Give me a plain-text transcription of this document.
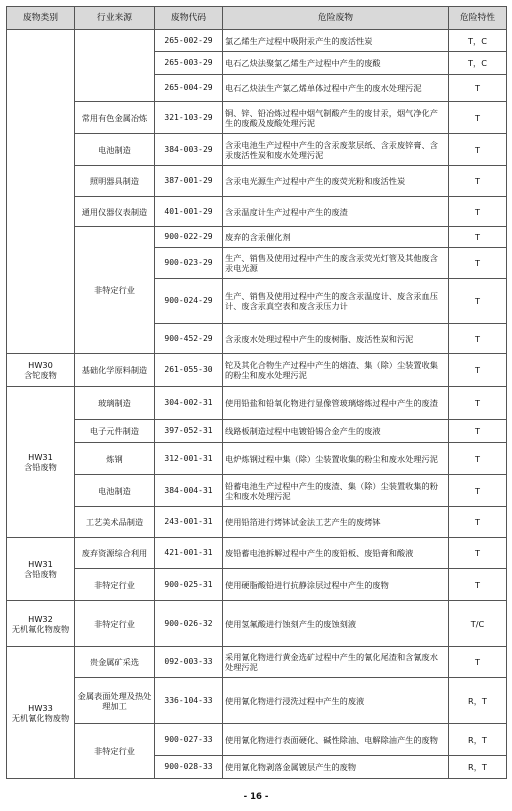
废物类别	行业来源	废物代码	危险废物	危险特性
		265-002-29	氯乙烯生产过程中吸附汞产生的废活性炭	T，C
		265-003-29	电石乙炔法聚氯乙烯生产过程中产生的废酸	T，C
		265-004-29	电石乙炔法生产氯乙烯单体过程中产生的废水处理污泥	T
	常用有色金属冶炼	321-103-29	铜、锌、铅冶炼过程中烟气制酸产生的废甘汞，烟气净化产生的废酸及废酸处理污泥	T
	电池制造	384-003-29	含汞电池生产过程中产生的含汞废浆层纸、含汞废锌膏、含汞废活性炭和废水处理污泥	T
	照明器具制造	387-001-29	含汞电光源生产过程中产生的废荧光粉和废活性炭	T
	通用仪器仪表制造	401-001-29	含汞温度计生产过程中产生的废渣	T
	非特定行业	900-022-29	废弃的含汞催化剂	T
		900-023-29	生产、销售及使用过程中产生的废含汞荧光灯管及其他废含汞电光源	T
		900-024-29	生产、销售及使用过程中产生的废含汞温度计、废含汞血压计、废含汞真空表和废含汞压力计	T
		900-452-29	含汞废水处理过程中产生的废树脂、废活性炭和污泥	T
HW30
含铊废物	基础化学原料制造	261-055-30	铊及其化合物生产过程中产生的熔渣、集（除）尘装置收集的粉尘和废水处理污泥	T
HW31
含铅废物	玻璃制造	304-002-31	使用铅盐和铅氧化物进行显像管玻璃熔炼过程中产生的废渣	T
	电子元件制造	397-052-31	线路板制造过程中电镀铅锡合金产生的废液	T
	炼钢	312-001-31	电炉炼钢过程中集（除）尘装置收集的粉尘和废水处理污泥	T
	电池制造	384-004-31	铅蓄电池生产过程中产生的废渣、集（除）尘装置收集的粉尘和废水处理污泥	T
	工艺美术品制造	243-001-31	使用铅箔进行烤钵试金法工艺产生的废烤钵	T
HW31
含铅废物	废弃资源综合利用	421-001-31	废铅蓄电池拆解过程中产生的废铅板、废铅膏和酸液	T
	非特定行业	900-025-31	使用硬脂酸铅进行抗静涂层过程中产生的废物	T
HW32
无机氟化物废物	非特定行业	900-026-32	使用氢氟酸进行蚀刻产生的废蚀刻液	T/C
HW33
无机氰化物废物	贵金属矿采选	092-003-33	采用氰化物进行黄金选矿过程中产生的氰化尾渣和含氰废水处理污泥	T
	金属表面处理及热处理加工	336-104-33	使用氰化物进行浸洗过程中产生的废液	R，T
	非特定行业	900-027-33	使用氰化物进行表面硬化、碱性除油、电解除油产生的废物	R，T
		900-028-33	使用氰化物剥落金属镀层产生的废物	R，T
- 16 -
